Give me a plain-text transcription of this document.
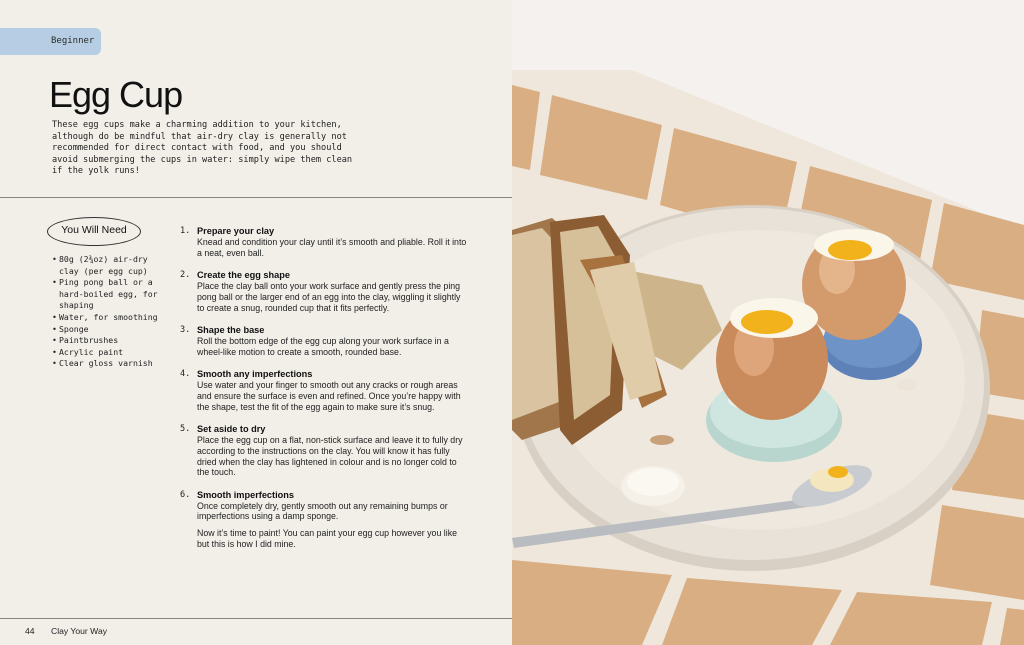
Beginner
Egg Cup

These egg cups make a charming addition to your kitchen, although do be mindful that air-dry clay is generally not recommended for direct contact with food, and you should avoid submerging the cups in water: simply wipe them clean if the yolk runs!

You Will Need
• 80g (2¾oz) air-dry clay (per egg cup)
• Ping pong ball or a hard-boiled egg, for shaping
• Water, for smoothing
• Sponge
• Paintbrushes
• Acrylic paint
• Clear gloss varnish
1. Prepare your clay
Knead and condition your clay until it’s smooth and pliable. Roll it into a neat, even ball.
2. Create the egg shape
Place the clay ball onto your work surface and gently press the ping pong ball or the larger end of an egg into the clay, wiggling it slightly to create a snug, rounded cup that it fits perfectly.
3. Shape the base
Roll the bottom edge of the egg cup along your work surface in a wheel-like motion to create a smooth, rounded base.
4. Smooth any imperfections
Use water and your finger to smooth out any cracks or rough areas and ensure the surface is even and refined. Once you’re happy with the shape, test the fit of the egg again to make sure it’s snug.
5. Set aside to dry
Place the egg cup on a flat, non-stick surface and leave it to fully dry according to the instructions on the clay. You will know it has fully dried when the clay has lightened in colour and is no longer cold to the touch.
6. Smooth imperfections
Once completely dry, gently smooth out any remaining bumps or imperfections using a damp sponge.

Now it’s time to paint! You can paint your egg cup however you like but this is how I did mine.

44 Clay Your Way
